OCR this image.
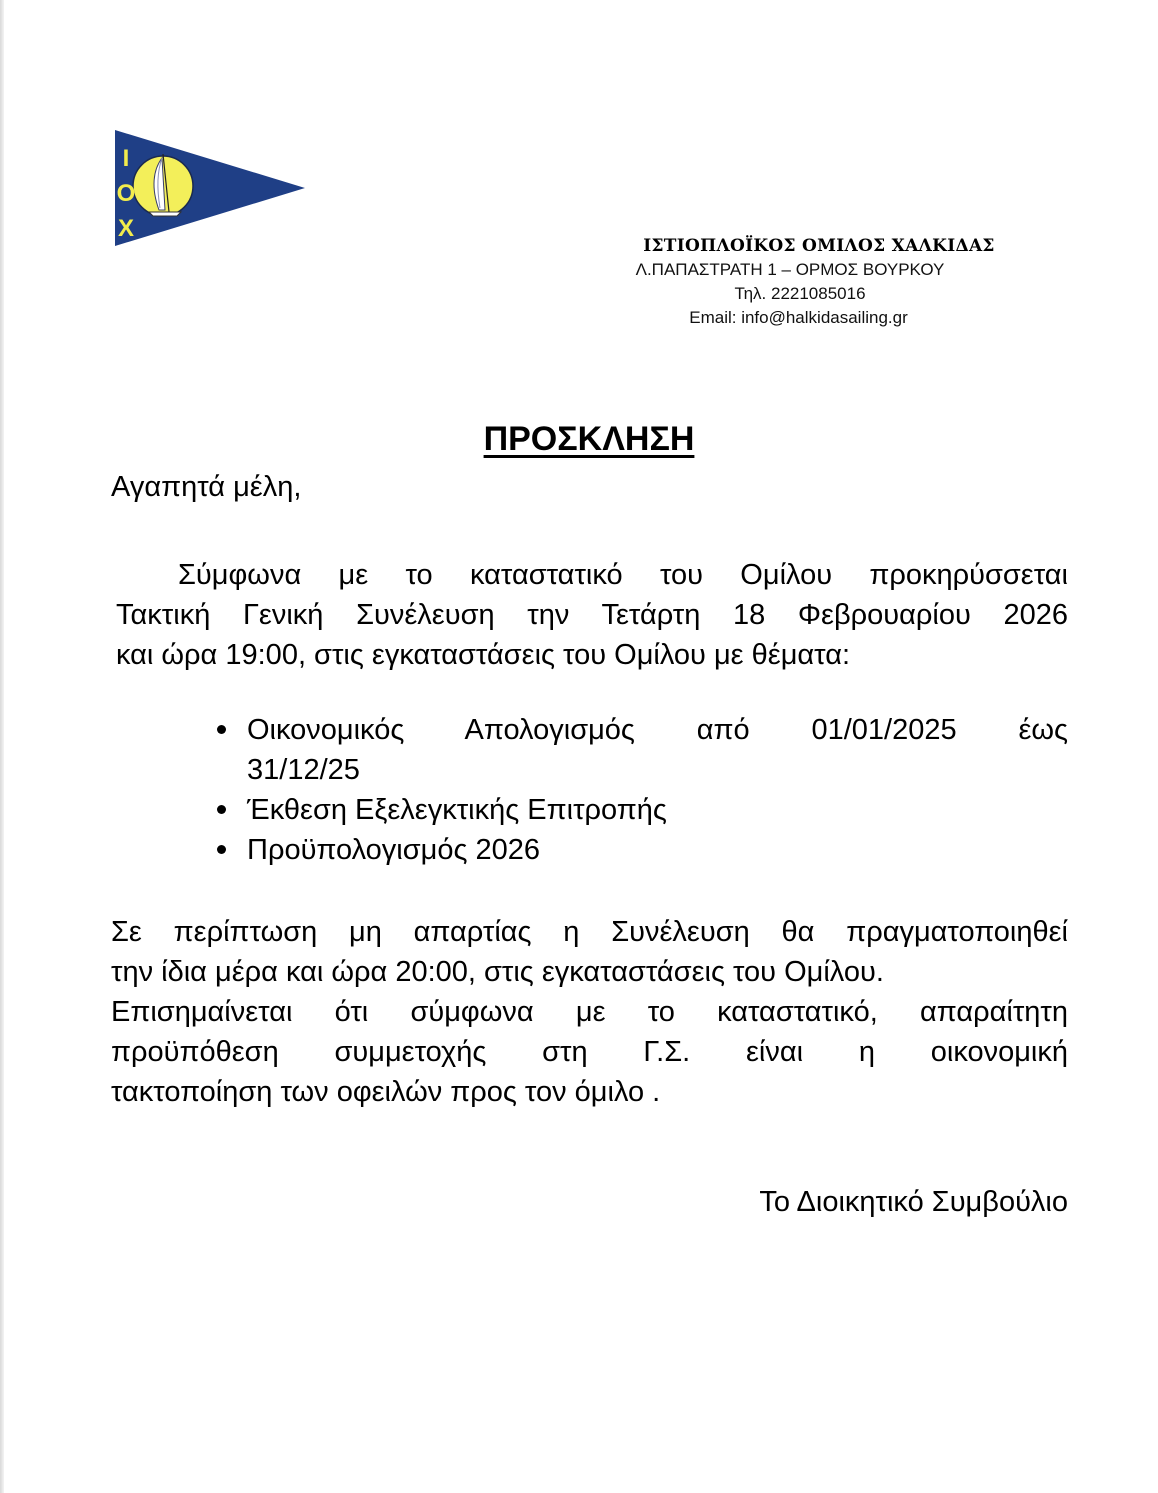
Ι
Ο
Χ
ΙΣΤΙΟΠΛΟΪΚΟΣ ΟΜΙΛΟΣ ΧΑΛΚΙΔΑΣ
Λ.ΠΑΠΑΣΤΡΑΤΗ 1 – ΟΡΜΟΣ ΒΟΥΡΚΟΥ
Τηλ. 2221085016
Email: info@halkidasailing.gr
ΠΡΟΣΚΛΗΣΗ
Αγαπητά μέλη,
Σύμφωνα με το καταστατικό του Ομίλου προκηρύσσεται
Τακτική Γενική Συνέλευση την Τετάρτη 18 Φεβρουαρίου 2026
και ώρα 19:00, στις εγκαταστάσεις του Ομίλου με θέματα:
Οικονομικός Απολογισμός από 01/01/2025 έως
31/12/25
Έκθεση Εξελεγκτικής Επιτροπής
Προϋπολογισμός 2026
Σε περίπτωση μη απαρτίας η Συνέλευση θα πραγματοποιηθεί
την ίδια μέρα και ώρα 20:00, στις εγκαταστάσεις του Ομίλου.
Επισημαίνεται ότι σύμφωνα με το καταστατικό, απαραίτητη
προϋπόθεση συμμετοχής στη Γ.Σ. είναι η οικονομική
τακτοποίηση των οφειλών προς τον όμιλο .
Το Διοικητικό Συμβούλιο
